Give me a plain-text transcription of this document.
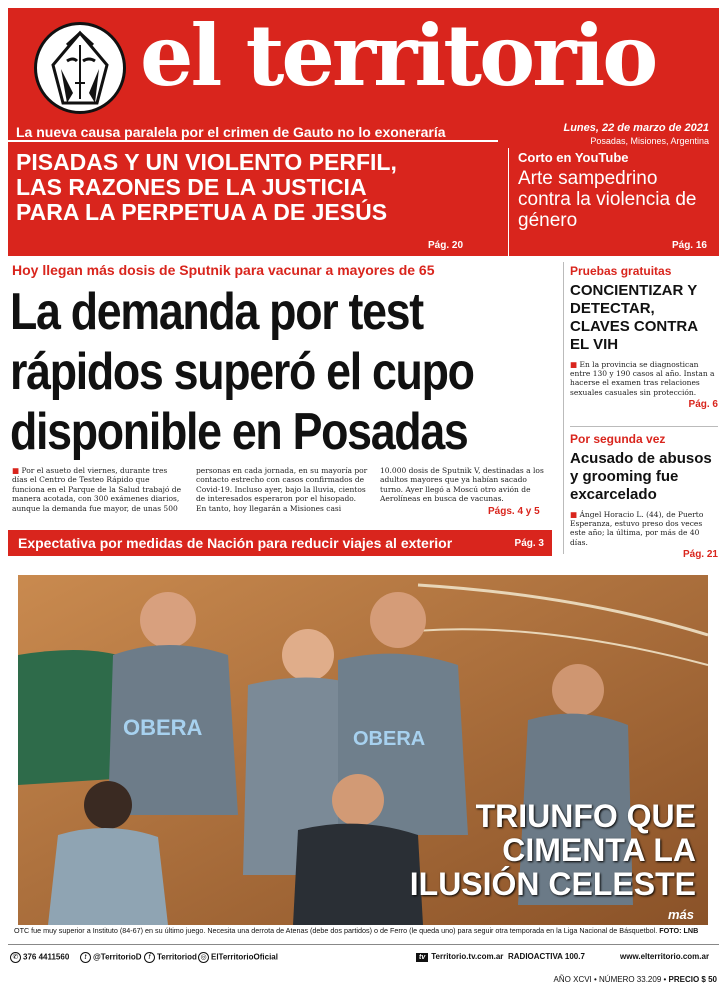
el territorio
La nueva causa paralela por el crimen de Gauto no lo exoneraría	Lunes, 22 de marzo de 2021
Posadas, Misiones, Argentina
PISADAS Y UN VIOLENTO PERFIL,
LAS RAZONES DE LA JUSTICIA
PARA LA PERPETUA A DE JESÚS
Pág. 20
Corto en YouTube
Arte sampedrino contra la violencia de género
Pág. 16
Hoy llegan más dosis de Sputnik para vacunar a mayores de 65
La demanda por test
rápidos superó el cupo
disponible en Posadas
■ Por el asueto del viernes, durante tres días el Centro de Testeo Rápido que funciona en el Parque de la Salud trabajó de manera acotada, con 300 exámenes diarios, aunque la demanda fue mayor, de unas 500 personas en cada jornada, en su mayoría por contacto estrecho con casos confirmados de Covid-19. Incluso ayer, bajo la lluvia, cientos de interesados esperaron por el hisopado. En tanto, hoy llegarán a Misiones casi 10.000 dosis de Sputnik V, destinadas a los adultos mayores que ya habían sacado turno. Ayer llegó a Moscú otro avión de Aerolíneas en busca de vacunas.
Págs. 4 y 5
Expectativa por medidas de Nación para reducir viajes al exterior	Pág. 3
Pruebas gratuitas
CONCIENTIZAR Y DETECTAR, CLAVES CONTRA EL VIH
■ En la provincia se diagnostican entre 130 y 190 casos al año. Instan a hacerse el examen tras relaciones sexuales casuales sin protección.
Pág. 6
Por segunda vez
Acusado de abusos y grooming fue excarcelado
■ Ángel Horacio L. (44), de Puerto Esperanza, estuvo preso dos veces este año; la última, por más de 40 días.
Pág. 21
OBERA	OBERA
TRIUNFO QUE
CIMENTA LA
ILUSIÓN CELESTE
más
OTC fue muy superior a Instituto (84-67) en su último juego. Necesita una derrota de Atenas (debe dos partidos) o de Ferro (le queda uno) para seguir otra temporada en la Liga Nacional de Básquetbol. FOTO: LNB
✆ 376 4411560	t @TerritorioD f Territoriod ◎ ElTerritorioOficial	tv Territorio.tv.com.ar RADIOACTIVA 100.7	www.elterritorio.com.ar
AÑO XCVI • NÚMERO 33.209 • PRECIO $ 50
